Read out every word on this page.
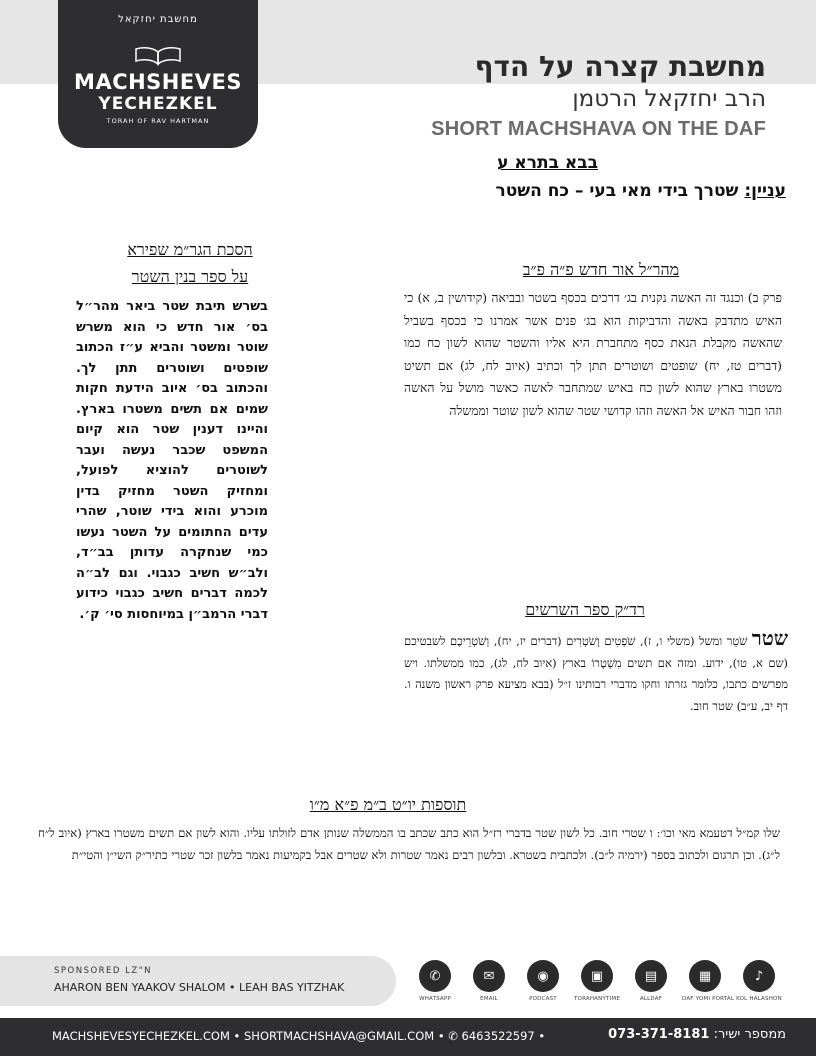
מחשבת יחזקאל
MACHSHEVES
YECHEZKEL
TORAH OF RAV HARTMAN
מחשבת קצרה על הדף
הרב יחזקאל הרטמן
SHORT MACHSHAVA ON THE DAF
בבא בתרא ע
עניין: שטרך בידי מאי בעי – כח השטר
מהר״ל אור חדש פ״ה פ״ב
פרק ב) וכנגד זה האשה נקנית בג׳ דרכים בכסף בשטר ובביאה (קידושין ב, א) כי האיש מתדבק באשה והדביקות הוא בג׳ פנים אשר אמרנו כי בכסף בשביל שהאשה מקבלת הנאת כסף מתחברת היא אליו והשטר שהוא לשון כח כמו (דברים טז, יח) שופטים ושוטרים תתן לך וכתיב (איוב לח, לג) אם תשיט משטרו בארץ שהוא לשון כח באיש שמתחבר לאשה כאשר מושל על האשה וזהו חבור האיש אל האשה וזהו קדושי שטר שהוא לשון שוטר וממשלה
הסכת הגר״מ שפירא
על ספר בנין השטר
בשרש תיבת שטר ביאר מהר״ל בס׳ אור חדש כי הוא משרש שוטר ומשטר והביא ע״ז הכתוב שופטים ושוטרים תתן לך. והכתוב בס׳ איוב הידעת חקות שמים אם תשים משטרו בארץ. והיינו דענין שטר הוא קיום המשפט שכבר נעשה ועבר לשוטרים להוציא לפועל, ומחזיק השטר מחזיק בדין מוכרע והוא בידי שוטר, שהרי עדים החתומים על השטר נעשו כמי שנחקרה עדותן בב״ד, ולב״ש חשיב כגבוי. וגם לב״ה לכמה דברים חשיב כגבוי כידוע דברי הרמב״ן במיוחסות סי׳ ק׳.	רד״ק ספר השרשים
שטר שֹׁטֵר ומשל (משלי ו, ז), שֹׁפְטִים וְשֹׁטְרִים (דברים יז, יח), וְשֹׁטְרֵיכֶם לשבטיכם (שם א, טו), ידוע. ומזה אם תשים מִשְׁטָרוֹ בארץ (איוב לח, לג), כמו ממשלתו. ויש מפרשים כתבו, כלומר גזרתו וחקו מדברי רבותינו ז״ל (בבא מציעא פרק ראשון משנה ו. דף יב, ע״ב) שטר חוב.
תוספות יו״ט ב״מ פ״א מ״ו
שלו קמ״ל דטעמא מאי וכו׳: ו שטרי חוב. כל לשון שטר בדברי רז״ל הוא כתב שכתב בו הממשלה שנותן אדם לזולתו עליו. והוא לשון אם תשים משטרו בארץ (איוב ל״ח ל״ג). וכן תרגום ולכתוב בספר (ירמיה ל״ב). ולכתבית בשטרא. ובלשון רבים נאמר שטרות ולא שטרים אבל בקמיעות נאמר בלשון זכר שטרי כתיר״ק השי״ן והטי״ת
SPONSORED LZ"N
AHARON BEN YAAKOV SHALOM • LEAH BAS YITZHAK
✆
WHATSAPP
✉
EMAIL
◉
PODCAST
▣
TORAHANYTIME
▤
ALLDAF
▦
DAF YOMI PORTAL
♪
KOL HALASHON
MACHSHEVESYECHEZKEL.COM • SHORTMACHSHAVA@GMAIL.COM • ✆ 6463522597 •	ממספר ישיר: 073-371-8181
